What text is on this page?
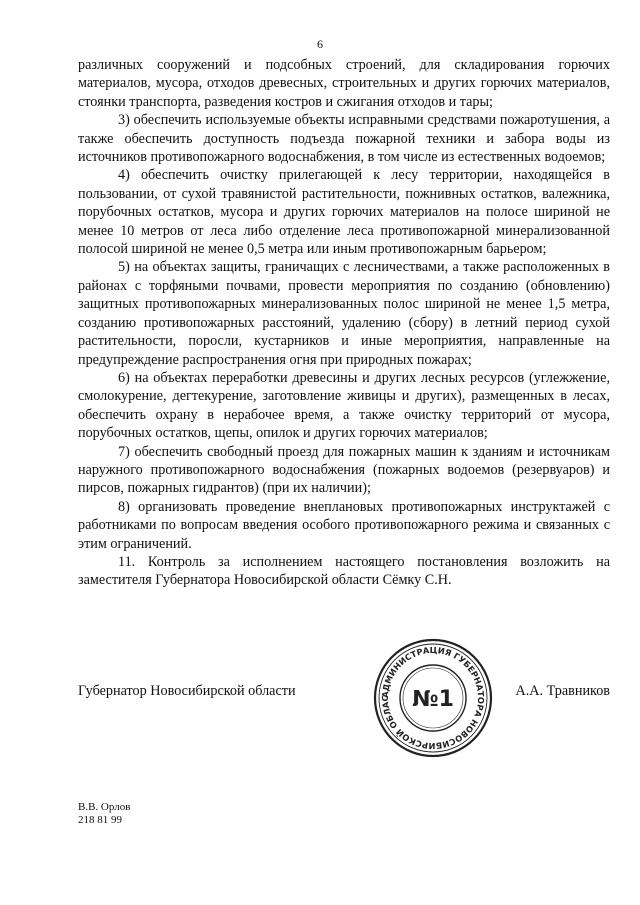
6

различных сооружений и подсобных строений, для складирования горючих материалов, мусора, отходов древесных, строительных и других горючих материалов, стоянки транспорта, разведения костров и сжигания отходов и тары;

3) обеспечить используемые объекты исправными средствами пожаротушения, а также обеспечить доступность подъезда пожарной техники и забора воды из источников противопожарного водоснабжения, в том числе из естественных водоемов;

4) обеспечить очистку прилегающей к лесу территории, находящейся в пользовании, от сухой травянистой растительности, пожнивных остатков, валежника, порубочных остатков, мусора и других горючих материалов на полосе шириной не менее 10 метров от леса либо отделение леса противопожарной минерализованной полосой шириной не менее 0,5 метра или иным противопожарным барьером;

5) на объектах защиты, граничащих с лесничествами, а также расположенных в районах с торфяными почвами, провести мероприятия по созданию (обновлению) защитных противопожарных минерализованных полос шириной не менее 1,5 метра, созданию противопожарных расстояний, удалению (сбору) в летний период сухой растительности, поросли, кустарников и иные мероприятия, направленные на предупреждение распространения огня при природных пожарах;

6) на объектах переработки древесины и других лесных ресурсов (углежжение, смолокурение, дегтекурение, заготовление живицы и других), размещенных в лесах, обеспечить охрану в нерабочее время, а также очистку территорий от мусора, порубочных остатков, щепы, опилок и других горючих материалов;

7) обеспечить свободный проезд для пожарных машин к зданиям и источникам наружного противопожарного водоснабжения (пожарных водоемов (резервуаров) и пирсов, пожарных гидрантов) (при их наличии);

8) организовать проведение внеплановых противопожарных инструктажей с работниками по вопросам введения особого противопожарного режима и связанных с этим ограничений.

11. Контроль за исполнением настоящего постановления возложить на заместителя Губернатора Новосибирской области Сёмку С.Н.

АДМИНИСТРАЦИЯ ГУБЕРНАТОРА НОВОСИБИРСКОЙ ОБЛАС	№1
Губернатор Новосибирской области	А.А. Травников
В.В. Орлов
218 81 99
